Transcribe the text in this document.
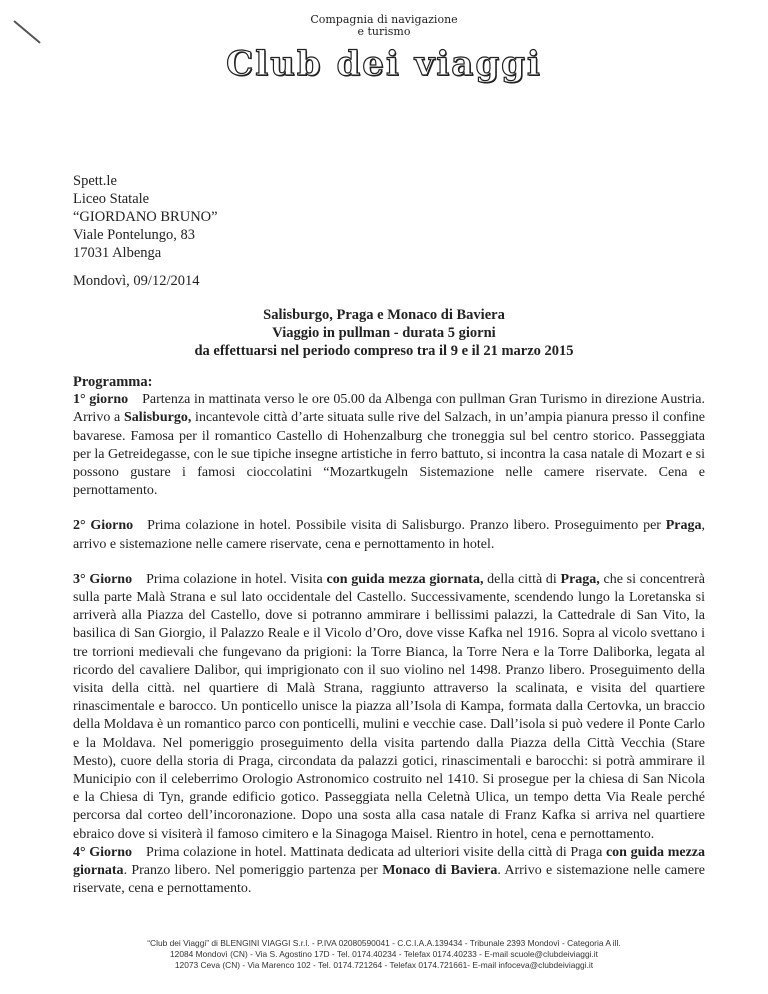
Compagnia di navigazione
e turismo
Club dei viaggi
Spett.le
Liceo Statale
“GIORDANO BRUNO”
Viale Pontelungo, 83
17031 Albenga
Mondovì, 09/12/2014
Salisburgo, Praga e Monaco di Baviera
Viaggio in pullman - durata 5 giorni
da effettuarsi nel periodo compreso tra il 9 e il 21 marzo 2015
Programma:

1° giorno Partenza in mattinata verso le ore 05.00 da Albenga con pullman Gran Turismo in direzione Austria. Arrivo a Salisburgo, incantevole città d’arte situata sulle rive del Salzach, in un’ampia pianura presso il confine bavarese. Famosa per il romantico Castello di Hohenzalburg che troneggia sul bel centro storico. Passeggiata per la Getreidegasse, con le sue tipiche insegne artistiche in ferro battuto, si incontra la casa natale di Mozart e si possono gustare i famosi cioccolatini “Mozartkugeln Sistemazione nelle camere riservate. Cena e pernottamento.

2° Giorno Prima colazione in hotel. Possibile visita di Salisburgo. Pranzo libero. Proseguimento per Praga, arrivo e sistemazione nelle camere riservate, cena e pernottamento in hotel.

3° Giorno Prima colazione in hotel. Visita con guida mezza giornata, della città di Praga, che si concentrerà sulla parte Malà Strana e sul lato occidentale del Castello. Successivamente, scendendo lungo la Loretanska si arriverà alla Piazza del Castello, dove si potranno ammirare i bellissimi palazzi, la Cattedrale di San Vito, la basilica di San Giorgio, il Palazzo Reale e il Vicolo d’Oro, dove visse Kafka nel 1916. Sopra al vicolo svettano i tre torrioni medievali che fungevano da prigioni: la Torre Bianca, la Torre Nera e la Torre Daliborka, legata al ricordo del cavaliere Dalibor, qui imprigionato con il suo violino nel 1498. Pranzo libero. Proseguimento della visita della città. nel quartiere di Malà Strana, raggiunto attraverso la scalinata, e visita del quartiere rinascimentale e barocco. Un ponticello unisce la piazza all’Isola di Kampa, formata dalla Certovka, un braccio della Moldava è un romantico parco con ponticelli, mulini e vecchie case. Dall’isola si può vedere il Ponte Carlo e la Moldava. Nel pomeriggio proseguimento della visita partendo dalla Piazza della Città Vecchia (Stare Mesto), cuore della storia di Praga, circondata da palazzi gotici, rinascimentali e barocchi: si potrà ammirare il Municipio con il celeberrimo Orologio Astronomico costruito nel 1410. Si prosegue per la chiesa di San Nicola e la Chiesa di Tyn, grande edificio gotico. Passeggiata nella Celetnà Ulica, un tempo detta Via Reale perché percorsa dal corteo dell’incoronazione. Dopo una sosta alla casa natale di Franz Kafka si arriva nel quartiere ebraico dove si visiterà il famoso cimitero e la Sinagoga Maisel. Rientro in hotel, cena e pernottamento.

4° Giorno Prima colazione in hotel. Mattinata dedicata ad ulteriori visite della città di Praga con guida mezza giornata. Pranzo libero. Nel pomeriggio partenza per Monaco di Baviera. Arrivo e sistemazione nelle camere riservate, cena e pernottamento.

“Club dei Viaggi” di BLENGINI VIAGGI S.r.l. - P.IVA 02080590041 - C.C.I.A.A.139434 - Tribunale 2393 Mondovì - Categoria A ill.
12084 Mondovì (CN) - Via S. Agostino 17D - Tel. 0174.40234 - Telefax 0174.40233 - E-mail scuole@clubdeiviaggi.it
12073 Ceva (CN) - Via Marenco 102 - Tel. 0174.721264 - Telefax 0174.721661- E-mail infoceva@clubdeiviaggi.it
